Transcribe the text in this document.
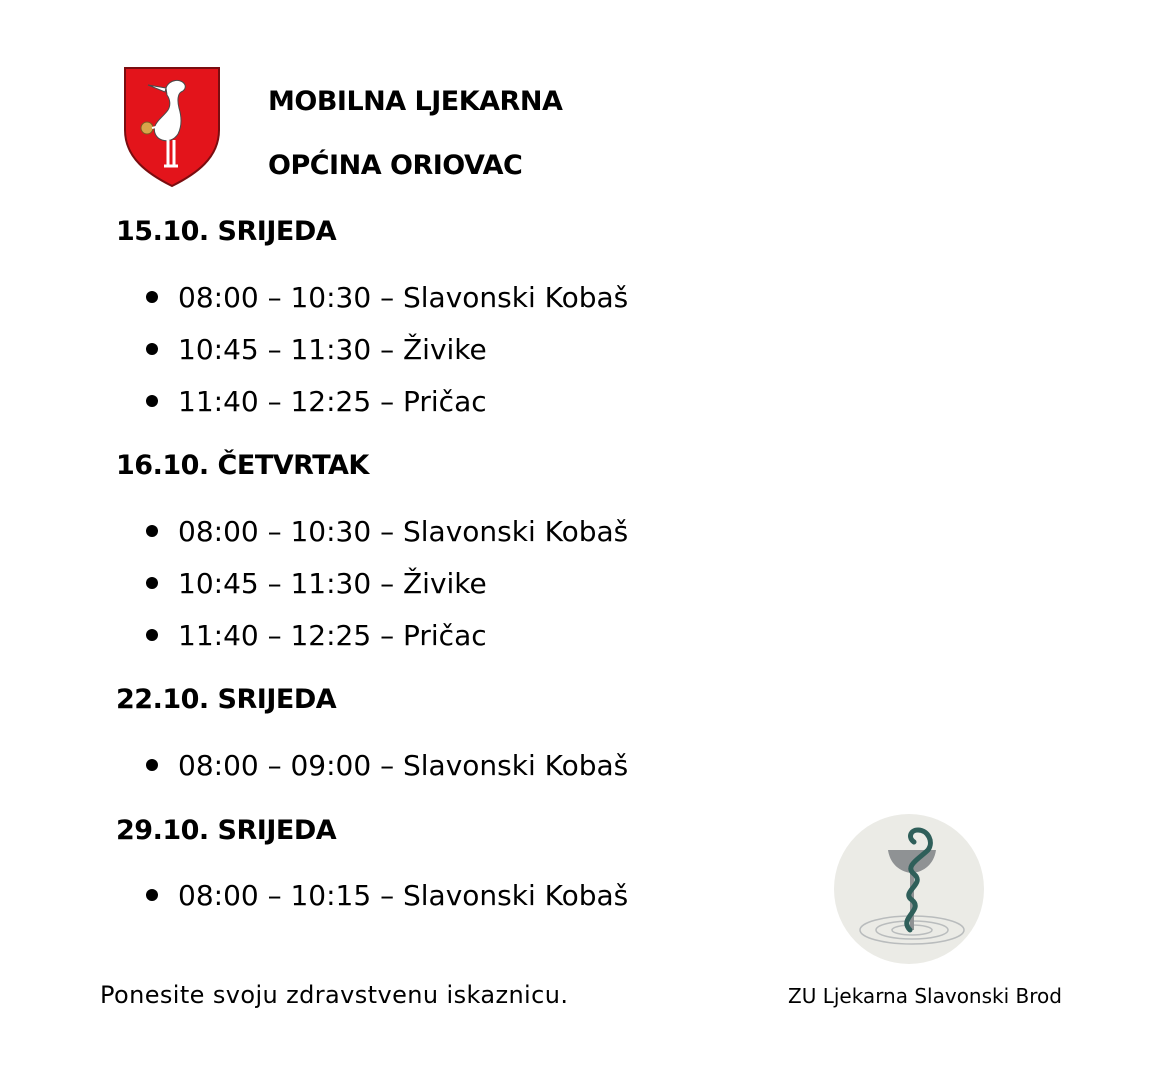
MOBILNA LJEKARNA
OPĆINA ORIOVAC
15.10. SRIJEDA
08:00 – 10:30 – Slavonski Kobaš
10:45 – 11:30 – Živike
11:40 – 12:25 – Pričac
16.10. ČETVRTAK
08:00 – 10:30 – Slavonski Kobaš
10:45 – 11:30 – Živike
11:40 – 12:25 – Pričac
22.10. SRIJEDA
08:00 – 09:00 – Slavonski Kobaš
29.10. SRIJEDA
08:00 – 10:15 – Slavonski Kobaš
Ponesite svoju zdravstvenu iskaznicu.	ZU Ljekarna Slavonski Brod
